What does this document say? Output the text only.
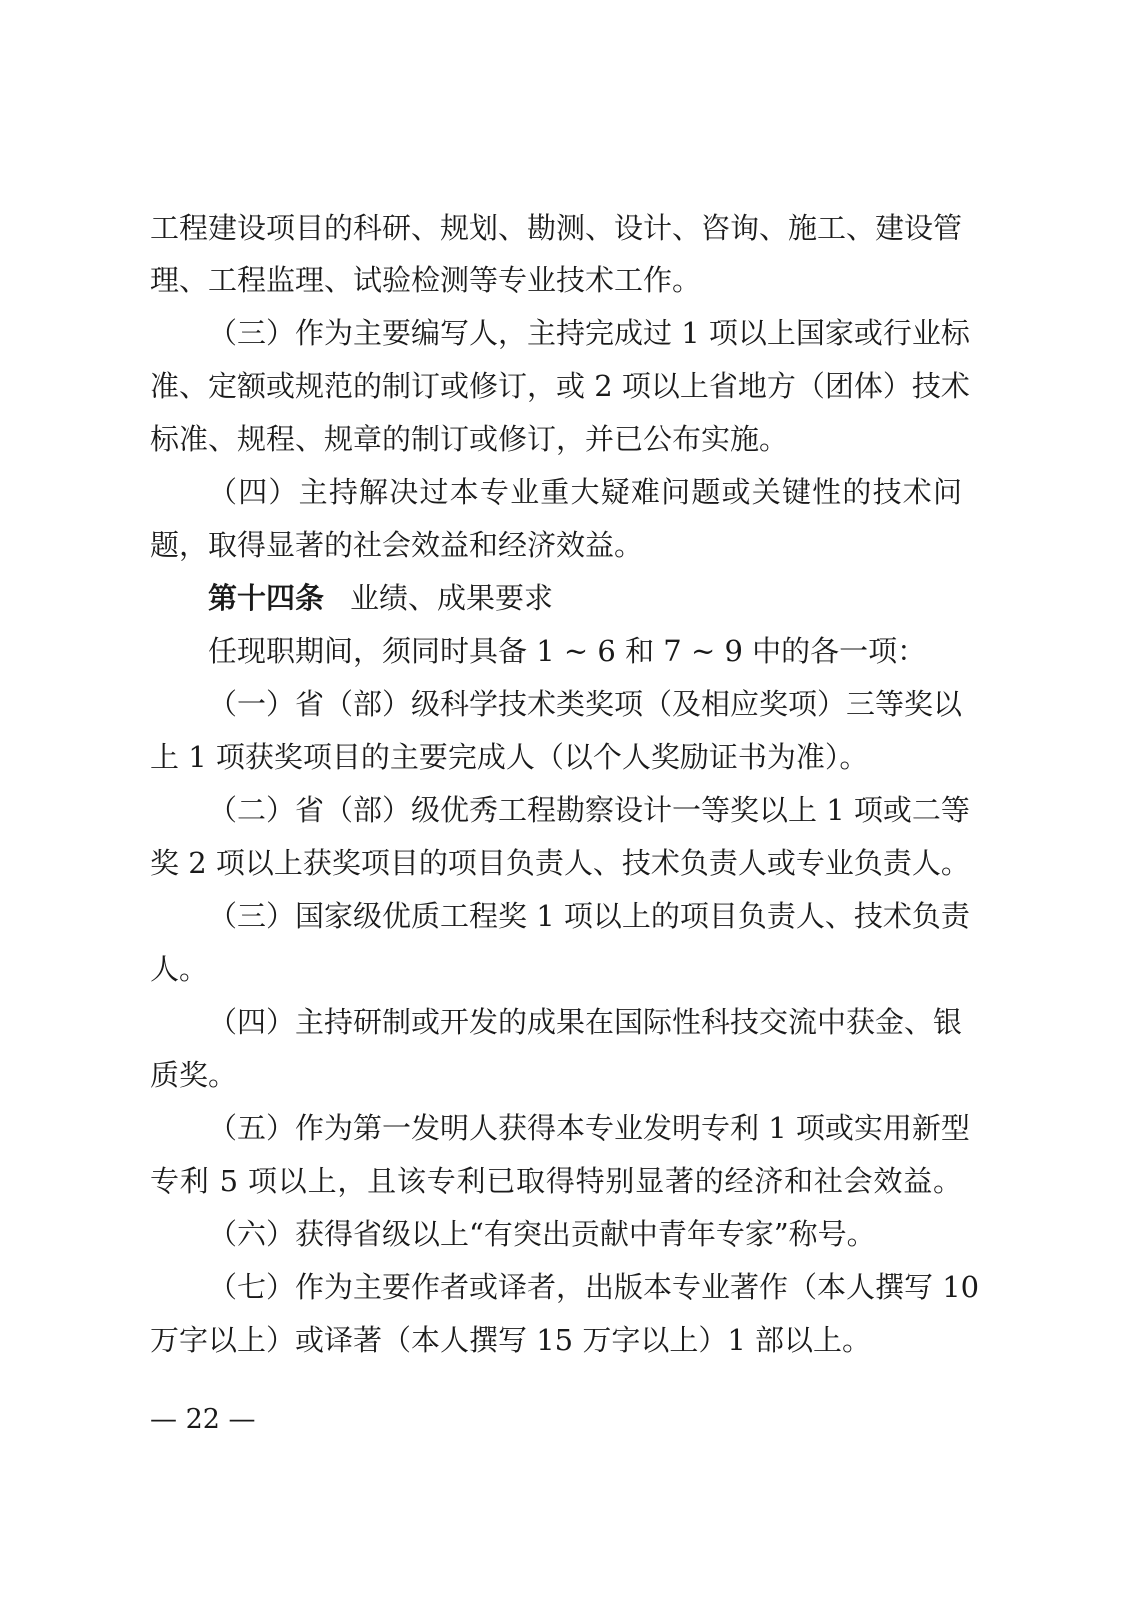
工程建设项目的科研、规划、勘测、设计、咨询、施工、建设管
理、工程监理、试验检测等专业技术工作。
（三）作为主要编写人，主持完成过 1 项以上国家或行业标
准、定额或规范的制订或修订，或 2 项以上省地方（团体）技术
标准、规程、规章的制订或修订，并已公布实施。
（四）主持解决过本专业重大疑难问题或关键性的技术问
题，取得显著的社会效益和经济效益。
第十四条 业绩、成果要求
任现职期间，须同时具备 1 ~ 6 和 7 ~ 9 中的各一项：
（一）省（部）级科学技术类奖项（及相应奖项）三等奖以
上 1 项获奖项目的主要完成人（以个人奖励证书为准）。
（二）省（部）级优秀工程勘察设计一等奖以上 1 项或二等
奖 2 项以上获奖项目的项目负责人、技术负责人或专业负责人。
（三）国家级优质工程奖 1 项以上的项目负责人、技术负责
人。
（四）主持研制或开发的成果在国际性科技交流中获金、银
质奖。
（五）作为第一发明人获得本专业发明专利 1 项或实用新型
专利 5 项以上，且该专利已取得特别显著的经济和社会效益。
（六）获得省级以上“有突出贡献中青年专家”称号。
（七）作为主要作者或译者，出版本专业著作（本人撰写 10
万字以上）或译著（本人撰写 15 万字以上）1 部以上。
— 22 —
